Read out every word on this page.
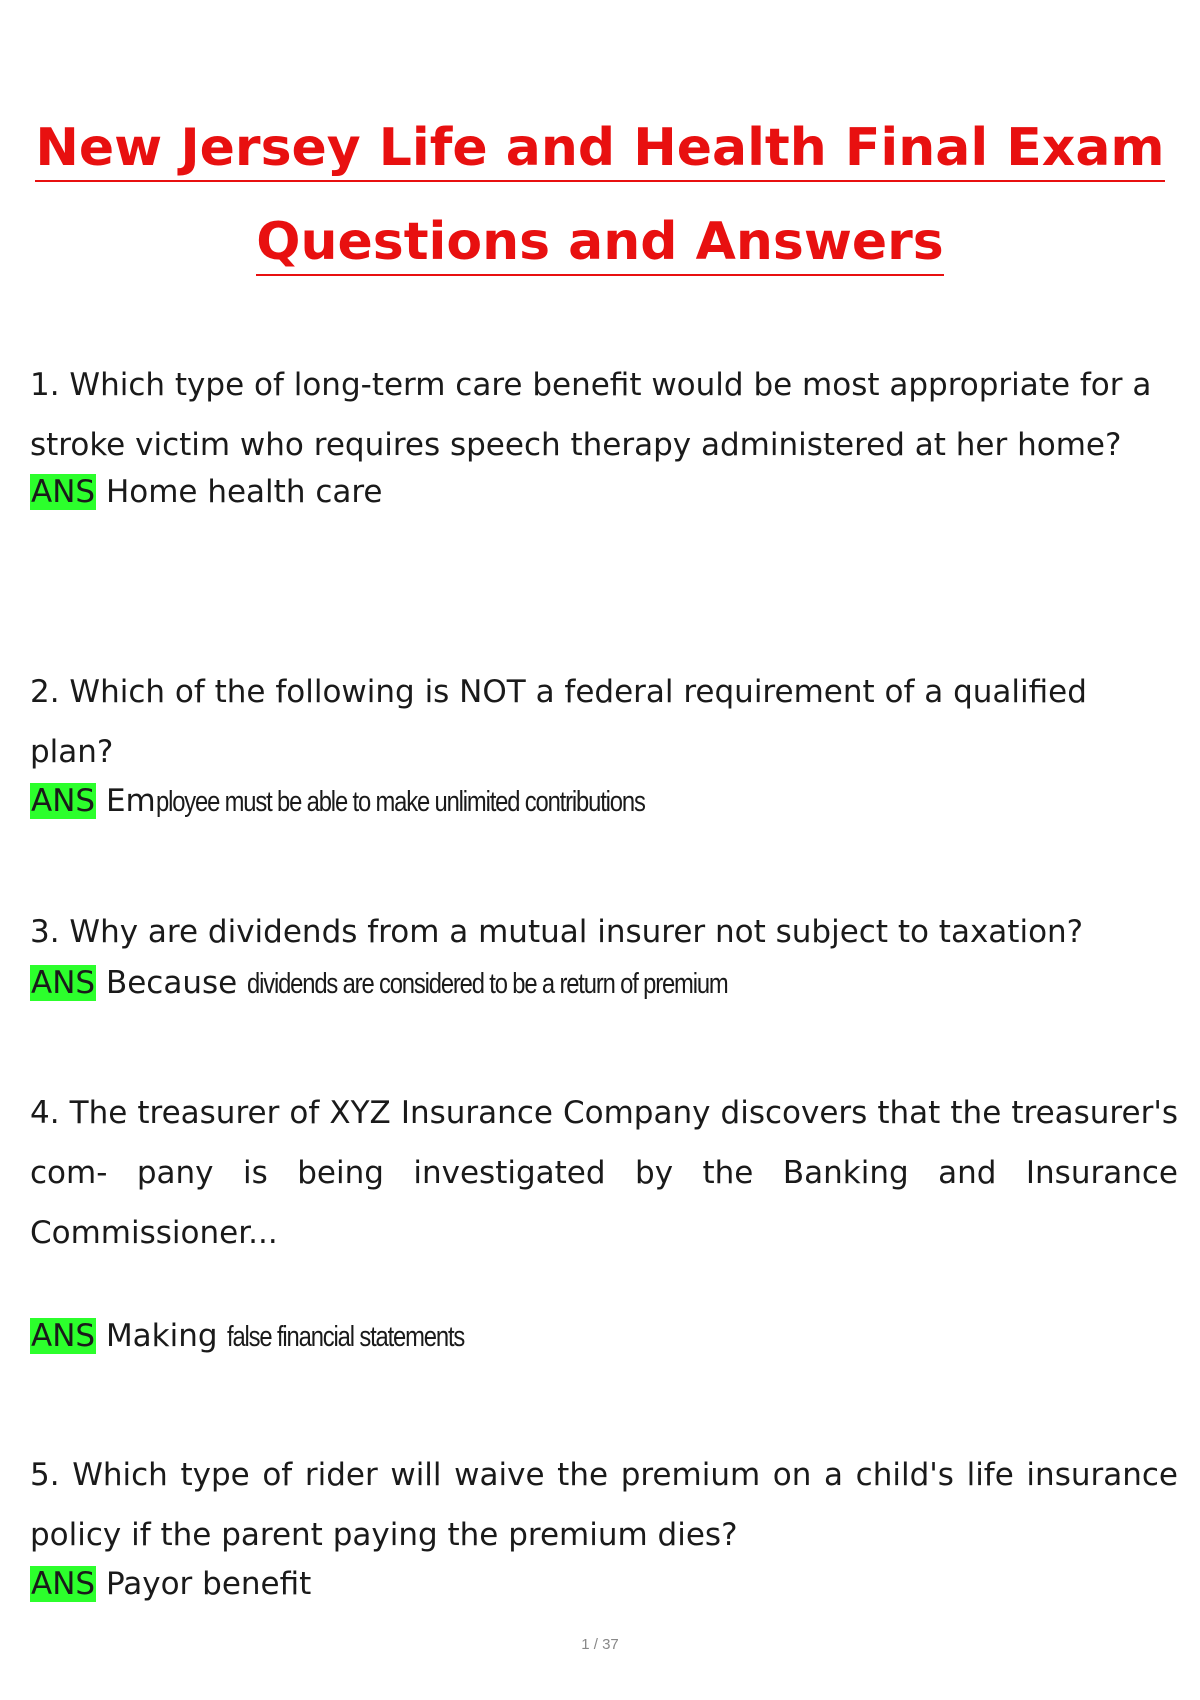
New Jersey Life and Health Final Exam
Questions and Answers

1. Which type of long-term care benefit would be most appropriate for a stroke victim who requires speech therapy administered at her home?

ANS Home health care

2. Which of the following is NOT a federal requirement of a qualified plan?

ANS Employee must be able to make unlimited contributions

3. Why are dividends from a mutual insurer not subject to taxation?

ANS Because dividends are considered to be a return of premium

4. The treasurer of XYZ Insurance Company discovers that the treasurer's com- pany is being investigated by the Banking and Insurance Commissioner...

ANS Making false financial statements

5. Which type of rider will waive the premium on a child's life insurance policy if the parent paying the premium dies?

ANS Payor benefit

1 / 37
